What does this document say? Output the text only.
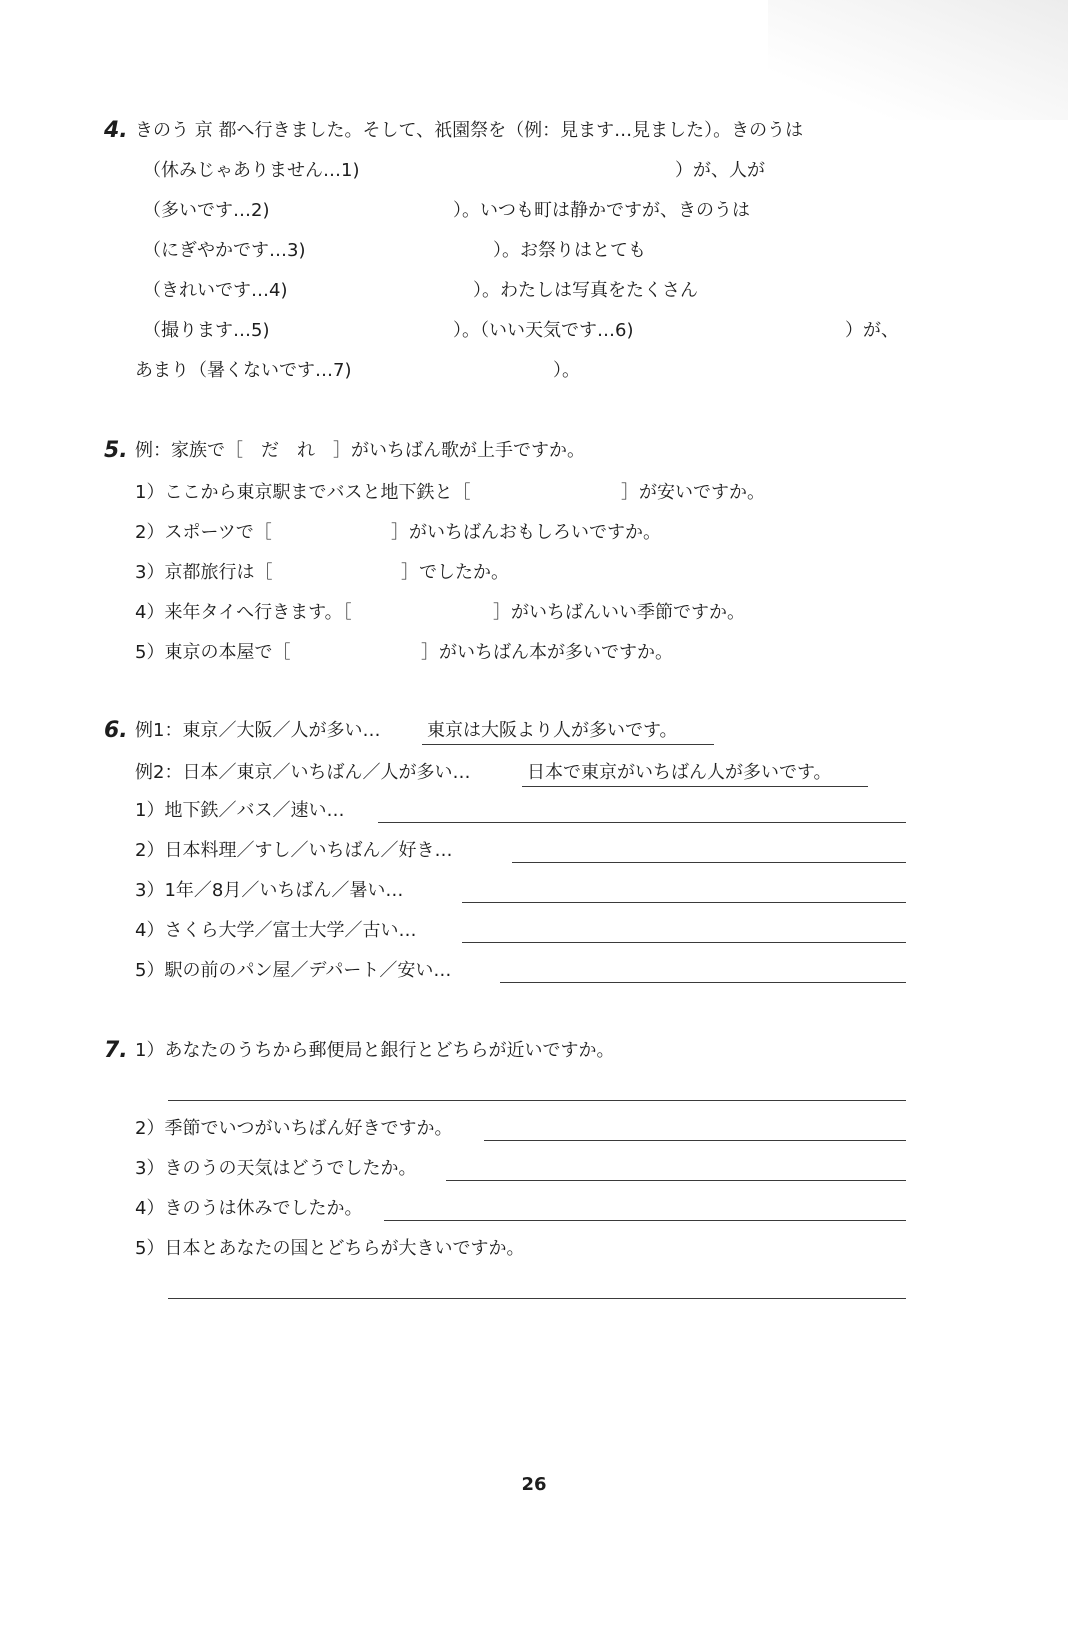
4. きのう 京 都へ行きました。そして、祇園祭を（例：見ます…見ました）。きのうは
（休みじゃありません…1)	）が、人が
（多いです…2)	）。いつも町は静かですが、きのうは
（にぎやかです…3)	）。お祭りはとても
（きれいです…4)	）。わたしは写真をたくさん
（撮ります…5)	）。（いい天気です…6)	）が、
あまり（暑くないです…7)	）。
5. 例：家族で［　だ　れ　］がいちばん歌が上手ですか。
1）ここから東京駅までバスと地下鉄と［	］が安いですか。
2）スポーツで［	］がいちばんおもしろいですか。
3）京都旅行は［	］でしたか。
4）来年タイへ行きます。［	］がいちばんいい季節ですか。
5）東京の本屋で［	］がいちばん本が多いですか。
6. 例1：東京／大阪／人が多い…	東京は大阪より人が多いです。
例2：日本／東京／いちばん／人が多い…	日本で東京がいちばん人が多いです。
1）地下鉄／バス／速い…
2）日本料理／すし／いちばん／好き…
3）1年／8月／いちばん／暑い…
4）さくら大学／富士大学／古い…
5）駅の前のパン屋／デパート／安い…
7. 1）あなたのうちから郵便局と銀行とどちらが近いですか。
2）季節でいつがいちばん好きですか。
3）きのうの天気はどうでしたか。
4）きのうは休みでしたか。
5）日本とあなたの国とどちらが大きいですか。
26
